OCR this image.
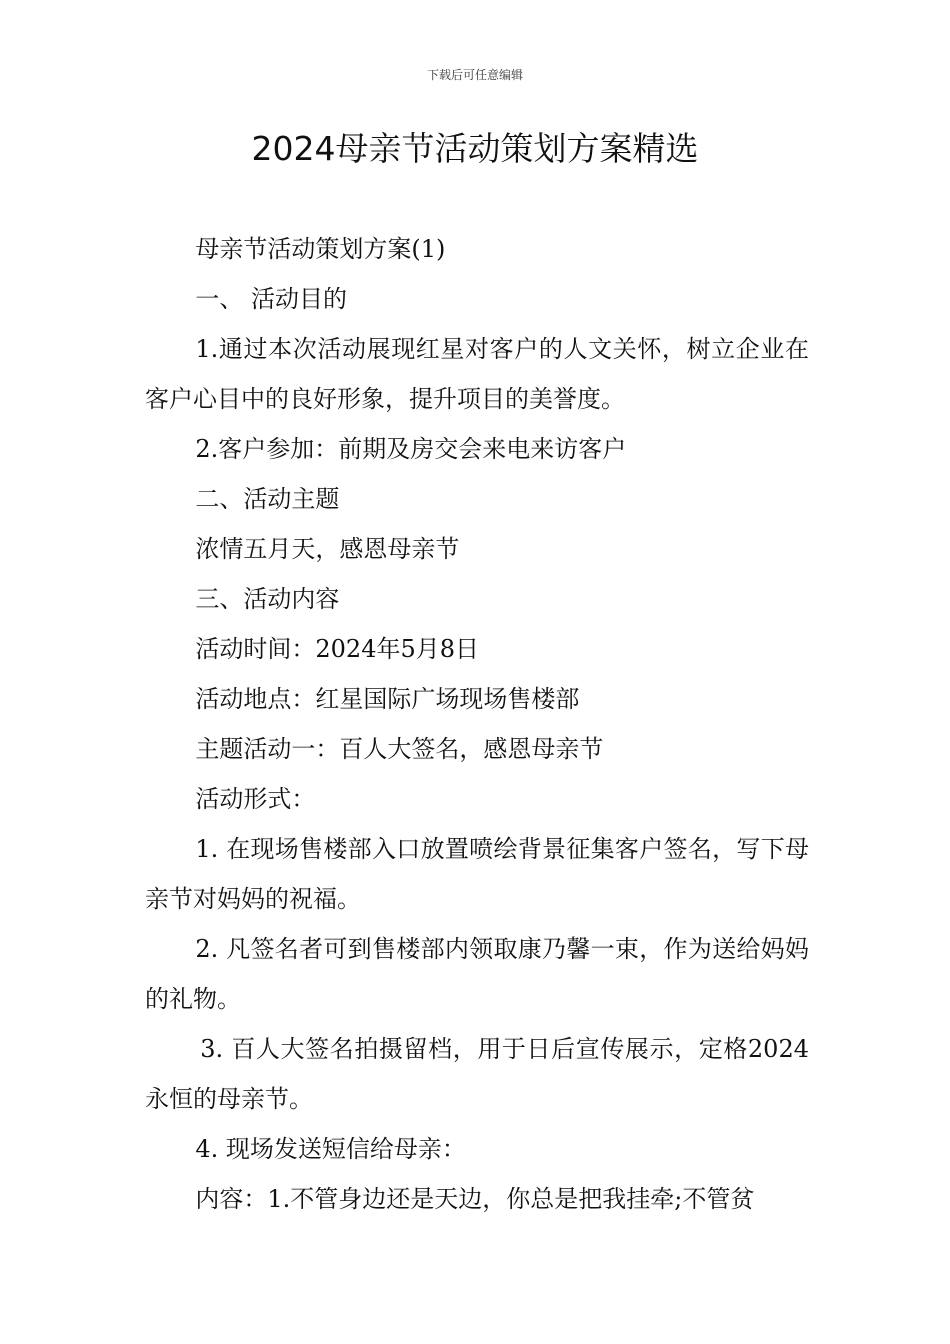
下载后可任意编辑
2024母亲节活动策划方案精选

母亲节活动策划方案(1)

一、 活动目的

1.通过本次活动展现红星对客户的人文关怀，树立企业在客户心目中的良好形象，提升项目的美誉度。

2.客户参加：前期及房交会来电来访客户

二、活动主题

浓情五月天，感恩母亲节

三、活动内容

活动时间：2024年5月8日

活动地点：红星国际广场现场售楼部

主题活动一：百人大签名，感恩母亲节

活动形式：

1. 在现场售楼部入口放置喷绘背景征集客户签名，写下母亲节对妈妈的祝福。

2. 凡签名者可到售楼部内领取康乃馨一束，作为送给妈妈的礼物。

3. 百人大签名拍摄留档，用于日后宣传展示，定格2024永恒的母亲节。

4. 现场发送短信给母亲：

内容：1.不管身边还是天边，你总是把我挂牵;不管贫
